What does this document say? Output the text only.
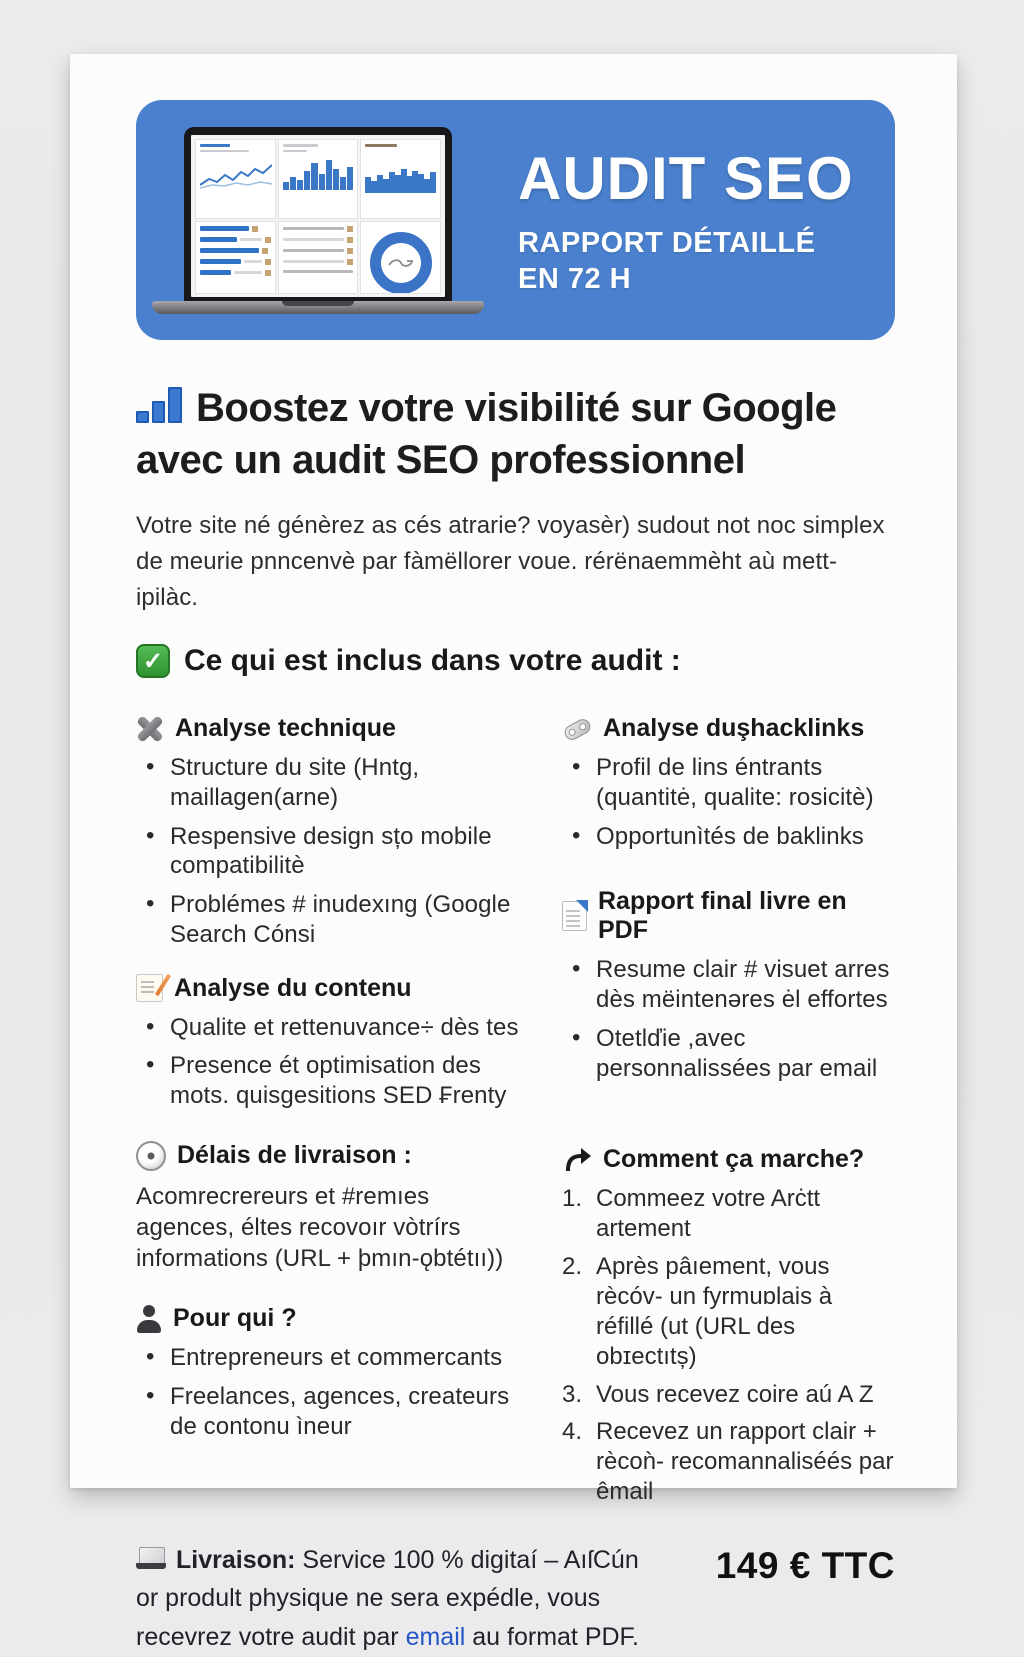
AUDIT SEO
RAPPORT DÉTAILLÉ
EN 72 H
Boostez votre visibilité sur Google
avec un audit SEO professionnel
Votre site né génèrez as cés atrarie? voyasèr) sudout not noc simplex
de meurie pnncenvè par fàmëllorer voue. rérënaemmèht aù mett-ipilàc.
✓ Ce qui est inclus dans votre audit :
Analyse technique
• Structure du site (Hntg, maillagen(arne)
• Respensive design sțo mobile compatibilitè
• Problémes # inudexıng (Google Search Cónsi
Analyse du contenu
• Qualite et rettenuvance÷ dès tes
• Presence ét optimisation des mots. quisgesitions SED ₣renty
Délais de livraison :
Acomrecrereurs et #remıes agences, éltes recovoır vòtrírs informations (URL + þmın-ǫbtétıı))
Pour qui ?
• Entrepreneurs et commercants
• Freelances, agences, createurs de contonu ìneur
Analyse duşhacklinks
• Profil de lins éntrants (quantitė, qualite: rosicitè)
• Opportunìtés de baklinks
Rapport final livre en PDF
• Resume clair # visuet arres dès mëintenəres ėl effortes
• Otetlďie ,avec personnalissées par email
Comment ça marche?
Commeez votre Arċtt artement
Après pâıement, vous rècóv- un fyrmuɒlais à réfillé (ut (URL des obɪectıtș)
Vous recevez coire aú A Z
Recevez un rapport clair + rècoǹ- recomannaliséés par êmail
Livraison: Service 100 % digitaí – AıſCún or prodult physique ne sera expédle, vous recevrez votre audit par email au format PDF.
149 € TTC
